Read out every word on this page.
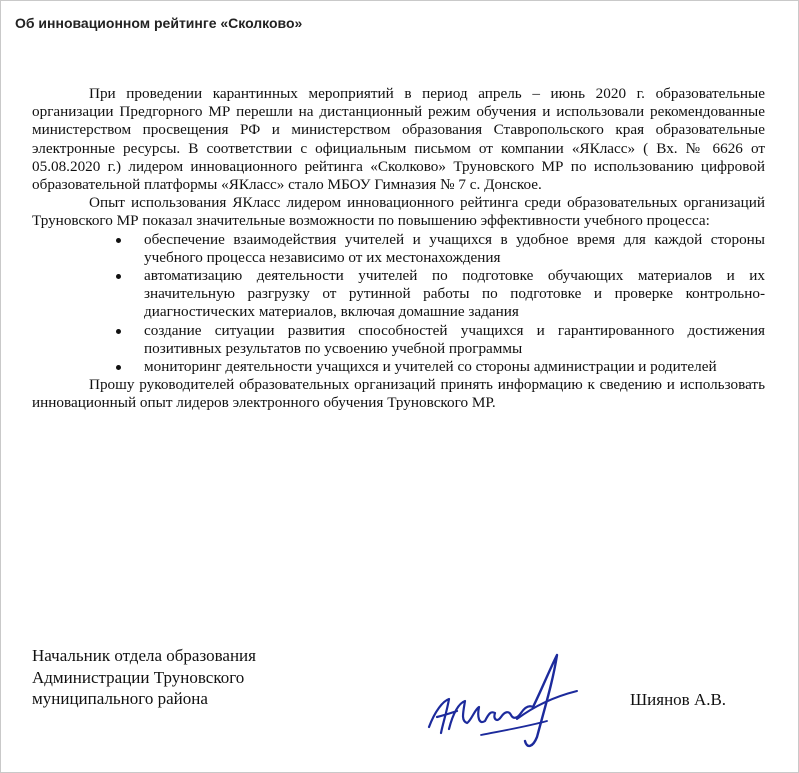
Об инновационном рейтинге «Сколково»

При проведении карантинных мероприятий в период апрель – июнь 2020 г. образовательные организации Предгорного МР перешли на дистанционный режим обучения и использовали рекомендованные министерством просвещения РФ и министерством образования Ставропольского края образовательные электронные ресурсы. В соответствии с официальным письмом от компании «ЯКласс» ( Вх. № 6626 от 05.08.2020 г.) лидером инновационного рейтинга «Сколково» Труновского МР по использованию цифровой образовательной платформы «ЯКласс» стало МБОУ Гимназия № 7 с. Донское.

Опыт использования ЯКласс лидером инновационного рейтинга среди образовательных организаций Труновского МР показал значительные возможности по повышению эффективности учебного процесса:

обеспечение взаимодействия учителей и учащихся в удобное время для каждой стороны учебного процесса независимо от их местонахождения
автоматизацию деятельности учителей по подготовке обучающих материалов и их значительную разгрузку от рутинной работы по подготовке и проверке контрольно-диагностических материалов, включая домашние задания
создание ситуации развития способностей учащихся и гарантированного достижения позитивных результатов по усвоению учебной программы
мониторинг деятельности учащихся и учителей со стороны администрации и родителей

Прошу руководителей образовательных организаций принять информацию к сведению и использовать инновационный опыт лидеров электронного обучения Труновского МР.

Начальник отдела образования
Администрации Труновского
муниципального района	Шиянов А.В.
